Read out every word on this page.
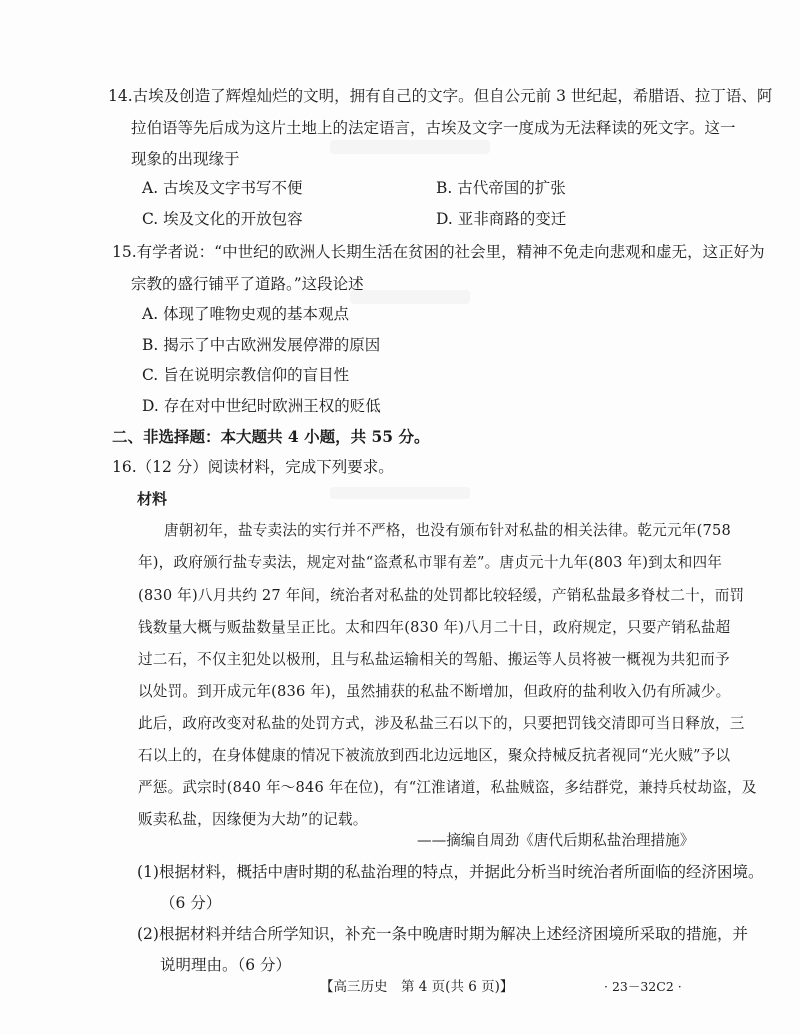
14.古埃及创造了辉煌灿烂的文明，拥有自己的文字。但自公元前 3 世纪起，希腊语、拉丁语、阿
拉伯语等先后成为这片土地上的法定语言，古埃及文字一度成为无法释读的死文字。这一
现象的出现缘于
A. 古埃及文字书写不便	B. 古代帝国的扩张
C. 埃及文化的开放包容	D. 亚非商路的变迁
15.有学者说：“中世纪的欧洲人长期生活在贫困的社会里，精神不免走向悲观和虚无，这正好为
宗教的盛行铺平了道路。”这段论述
A. 体现了唯物史观的基本观点
B. 揭示了中古欧洲发展停滞的原因
C. 旨在说明宗教信仰的盲目性
D. 存在对中世纪时欧洲王权的贬低
二、非选择题：本大题共 4 小题，共 55 分。
16.（12 分）阅读材料，完成下列要求。
材料
唐朝初年，盐专卖法的实行并不严格，也没有颁布针对私盐的相关法律。乾元元年(758
年)，政府颁行盐专卖法，规定对盐“盗煮私市罪有差”。唐贞元十九年(803 年)到太和四年
(830 年)八月共约 27 年间，统治者对私盐的处罚都比较轻缓，产销私盐最多脊杖二十，而罚
钱数量大概与贩盐数量呈正比。太和四年(830 年)八月二十日，政府规定，只要产销私盐超
过二石，不仅主犯处以极刑，且与私盐运输相关的驾船、搬运等人员将被一概视为共犯而予
以处罚。到开成元年(836 年)，虽然捕获的私盐不断增加，但政府的盐利收入仍有所减少。
此后，政府改变对私盐的处罚方式，涉及私盐三石以下的，只要把罚钱交清即可当日释放，三
石以上的，在身体健康的情况下被流放到西北边远地区，聚众持械反抗者视同“光火贼”予以
严惩。武宗时(840 年～846 年在位)，有“江淮诸道，私盐贼盗，多结群党，兼持兵杖劫盗，及
贩卖私盐，因缘便为大劫”的记载。
——摘编自周劲《唐代后期私盐治理措施》
(1)根据材料，概括中唐时期的私盐治理的特点，并据此分析当时统治者所面临的经济困境。
（6 分）
(2)根据材料并结合所学知识，补充一条中晚唐时期为解决上述经济困境所采取的措施，并
说明理由。（6 分）
【高三历史　第 4 页(共 6 页)】	· 23－32C2 ·
